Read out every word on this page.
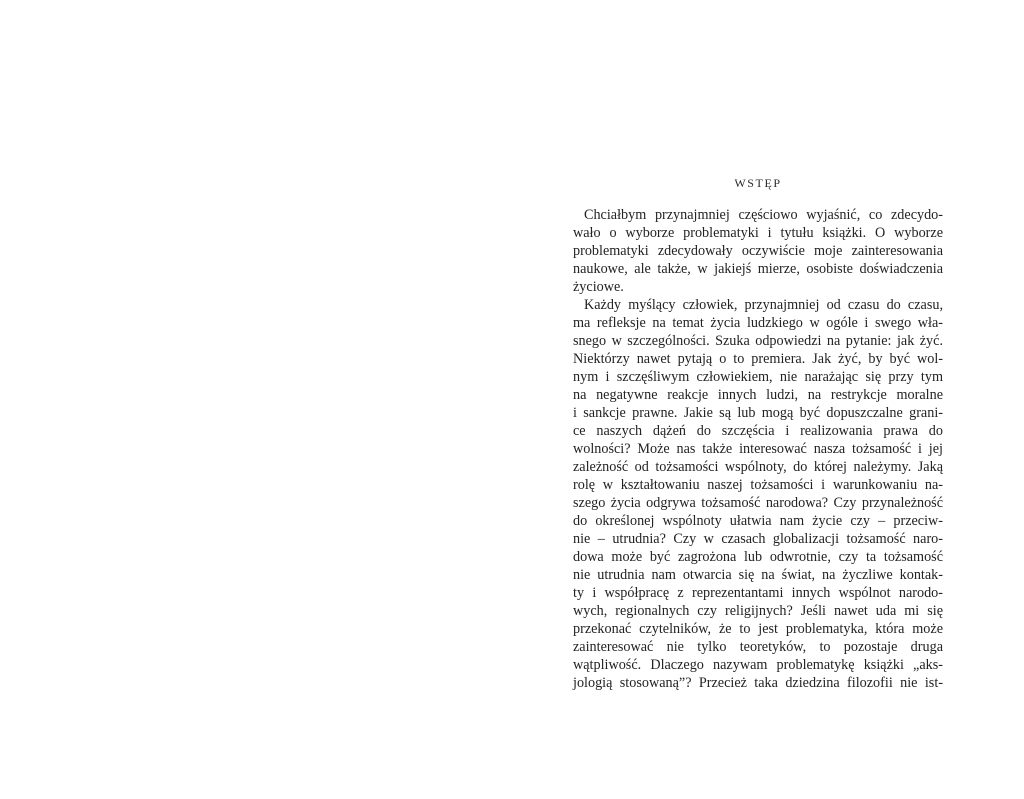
WSTĘP
Chciałbym przynajmniej częściowo wyjaśnić, co zdecydo-
wało o wyborze problematyki i tytułu książki. O wyborze
problematyki zdecydowały oczywiście moje zainteresowania
naukowe, ale także, w jakiejś mierze, osobiste doświadczenia
życiowe.
Każdy myślący człowiek, przynajmniej od czasu do czasu,
ma refleksje na temat życia ludzkiego w ogóle i swego wła-
snego w szczególności. Szuka odpowiedzi na pytanie: jak żyć.
Niektórzy nawet pytają o to premiera. Jak żyć, by być wol-
nym i szczęśliwym człowiekiem, nie narażając się przy tym
na negatywne reakcje innych ludzi, na restrykcje moralne
i sankcje prawne. Jakie są lub mogą być dopuszczalne grani-
ce naszych dążeń do szczęścia i realizowania prawa do
wolności? Może nas także interesować nasza tożsamość i jej
zależność od tożsamości wspólnoty, do której należymy. Jaką
rolę w kształtowaniu naszej tożsamości i warunkowaniu na-
szego życia odgrywa tożsamość narodowa? Czy przynależność
do określonej wspólnoty ułatwia nam życie czy – przeciw-
nie – utrudnia? Czy w czasach globalizacji tożsamość naro-
dowa może być zagrożona lub odwrotnie, czy ta tożsamość
nie utrudnia nam otwarcia się na świat, na życzliwe kontak-
ty i współpracę z reprezentantami innych wspólnot narodo-
wych, regionalnych czy religijnych? Jeśli nawet uda mi się
przekonać czytelników, że to jest problematyka, która może
zainteresować nie tylko teoretyków, to pozostaje druga
wątpliwość. Dlaczego nazywam problematykę książki „aks-
jologią stosowaną”? Przecież taka dziedzina filozofii nie ist-
